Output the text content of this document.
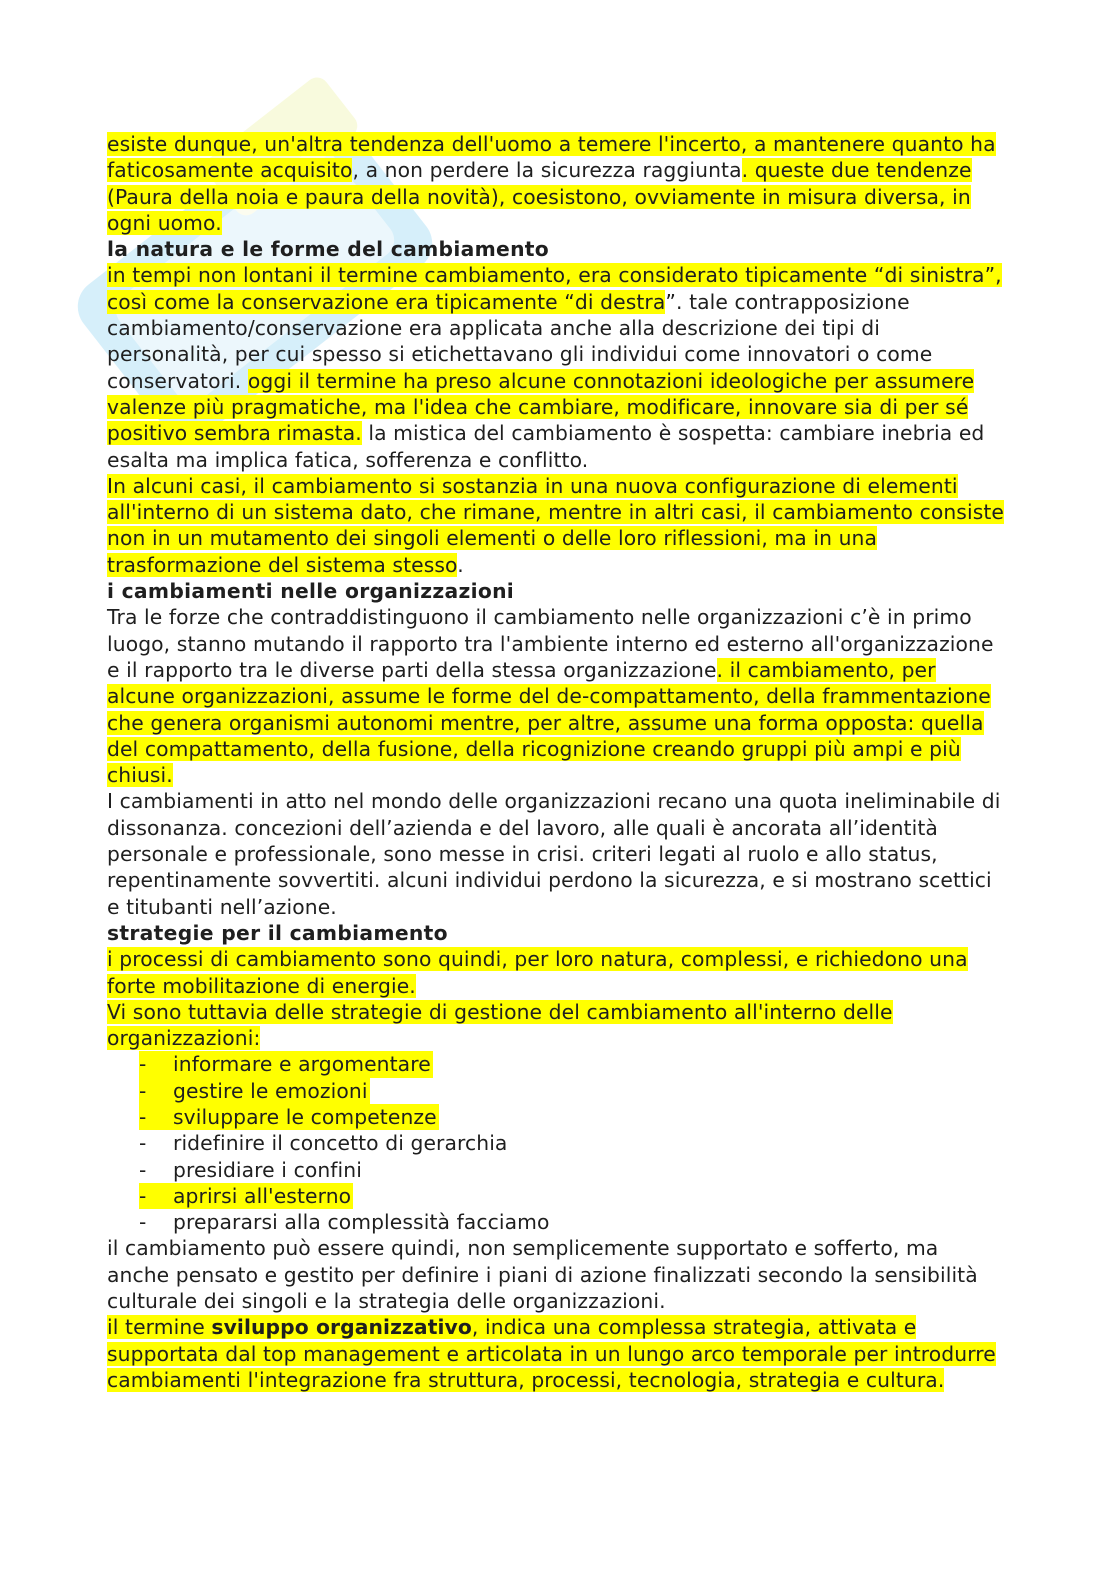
esiste dunque, un'altra tendenza dell'uomo a temere l'incerto, a mantenere quanto ha faticosamente acquisito, a non perdere la sicurezza raggiunta. queste due tendenze (Paura della noia e paura della novità), coesistono, ovviamente in misura diversa, in ogni uomo.

la natura e le forme del cambiamento

in tempi non lontani il termine cambiamento, era considerato tipicamente “di sinistra”, così come la conservazione era tipicamente “di destra”. tale contrapposizione cambiamento/conservazione era applicata anche alla descrizione dei tipi di personalità, per cui spesso si etichettavano gli individui come innovatori o come conservatori. oggi il termine ha preso alcune connotazioni ideologiche per assumere valenze più pragmatiche, ma l'idea che cambiare, modificare, innovare sia di per sé positivo sembra rimasta. la mistica del cambiamento è sospetta: cambiare inebria ed esalta ma implica fatica, sofferenza e conflitto.

In alcuni casi, il cambiamento si sostanzia in una nuova configurazione di elementi all'interno di un sistema dato, che rimane, mentre in altri casi, il cambiamento consiste non in un mutamento dei singoli elementi o delle loro riflessioni, ma in una trasformazione del sistema stesso.

i cambiamenti nelle organizzazioni

Tra le forze che contraddistinguono il cambiamento nelle organizzazioni c’è in primo luogo, stanno mutando il rapporto tra l'ambiente interno ed esterno all'organizzazione e il rapporto tra le diverse parti della stessa organizzazione. il cambiamento, per alcune organizzazioni, assume le forme del de-compattamento, della frammentazione che genera organismi autonomi mentre, per altre, assume una forma opposta: quella del compattamento, della fusione, della ricognizione creando gruppi più ampi e più chiusi.

I cambiamenti in atto nel mondo delle organizzazioni recano una quota ineliminabile di dissonanza. concezioni dell’azienda e del lavoro, alle quali è ancorata all’identità personale e professionale, sono messe in crisi. criteri legati al ruolo e allo status, repentinamente sovvertiti. alcuni individui perdono la sicurezza, e si mostrano scettici e titubanti nell’azione.

strategie per il cambiamento

i processi di cambiamento sono quindi, per loro natura, complessi, e richiedono una forte mobilitazione di energie.

Vi sono tuttavia delle strategie di gestione del cambiamento all'interno delle organizzazioni:

-	informare e argomentare
-	gestire le emozioni
-	sviluppare le competenze
-	ridefinire il concetto di gerarchia
-	presidiare i confini
-	aprirsi all'esterno
-	prepararsi alla complessità facciamo

il cambiamento può essere quindi, non semplicemente supportato e sofferto, ma anche pensato e gestito per definire i piani di azione finalizzati secondo la sensibilità culturale dei singoli e la strategia delle organizzazioni.

il termine sviluppo organizzativo, indica una complessa strategia, attivata e supportata dal top management e articolata in un lungo arco temporale per introdurre cambiamenti l'integrazione fra struttura, processi, tecnologia, strategia e cultura.
